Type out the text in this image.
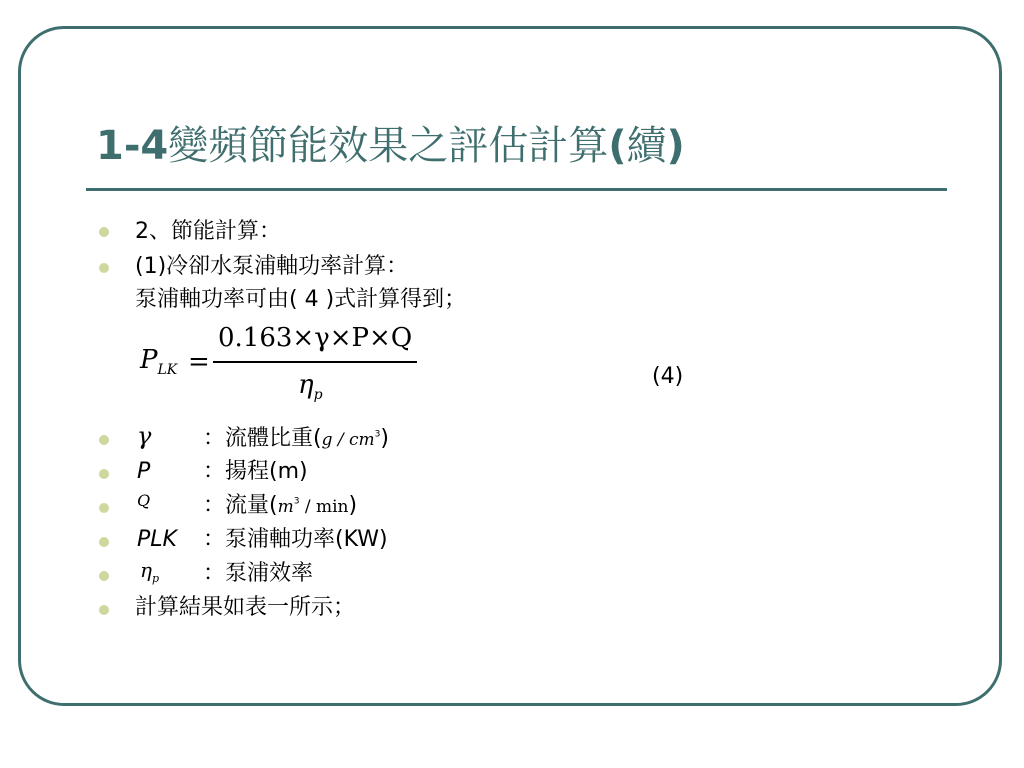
1-4變頻節能效果之評估計算(續)
2、節能計算：
(1)冷卻水泵浦軸功率計算：
泵浦軸功率可由( 4 )式計算得到；
$P_{LK}$ =
0.163×γ×P×Q
$\eta_p$
(4)
γ ：流體比重$(g / cm^3)$
P ：揚程(m)
Q ：流量$(m^3 / \min)$
PLK ：泵浦軸功率(KW)
$\eta_p$ ：泵浦效率
計算結果如表一所示；
